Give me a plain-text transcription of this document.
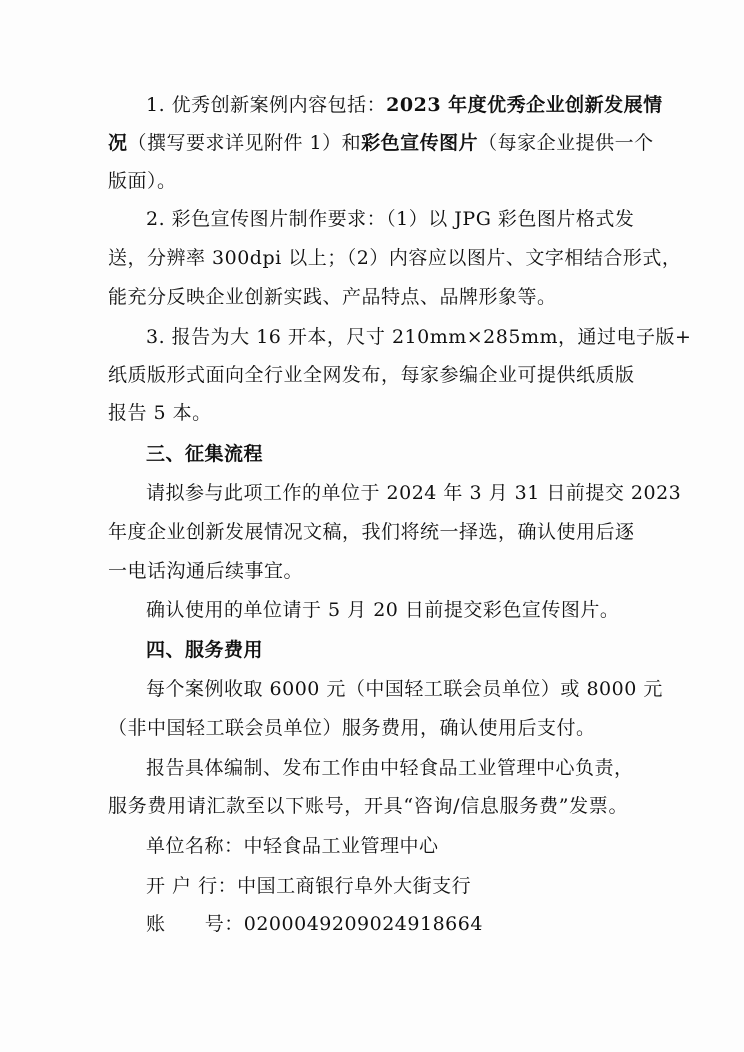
1. 优秀创新案例内容包括：2023 年度优秀企业创新发展情
况（撰写要求详见附件 1）和彩色宣传图片（每家企业提供一个
版面）。
2. 彩色宣传图片制作要求：（1）以 JPG 彩色图片格式发
送，分辨率 300dpi 以上；（2）内容应以图片、文字相结合形式，
能充分反映企业创新实践、产品特点、品牌形象等。
3. 报告为大 16 开本，尺寸 210mm×285mm，通过电子版+
纸质版形式面向全行业全网发布，每家参编企业可提供纸质版
报告 5 本。
三、征集流程
请拟参与此项工作的单位于 2024 年 3 月 31 日前提交 2023
年度企业创新发展情况文稿，我们将统一择选，确认使用后逐
一电话沟通后续事宜。
确认使用的单位请于 5 月 20 日前提交彩色宣传图片。
四、服务费用
每个案例收取 6000 元（中国轻工联会员单位）或 8000 元
（非中国轻工联会员单位）服务费用，确认使用后支付。
报告具体编制、发布工作由中轻食品工业管理中心负责，
服务费用请汇款至以下账号，开具“咨询/信息服务费”发票。
单位名称：中轻食品工业管理中心
开 户 行：中国工商银行阜外大街支行
账      号：0200049209024918664
